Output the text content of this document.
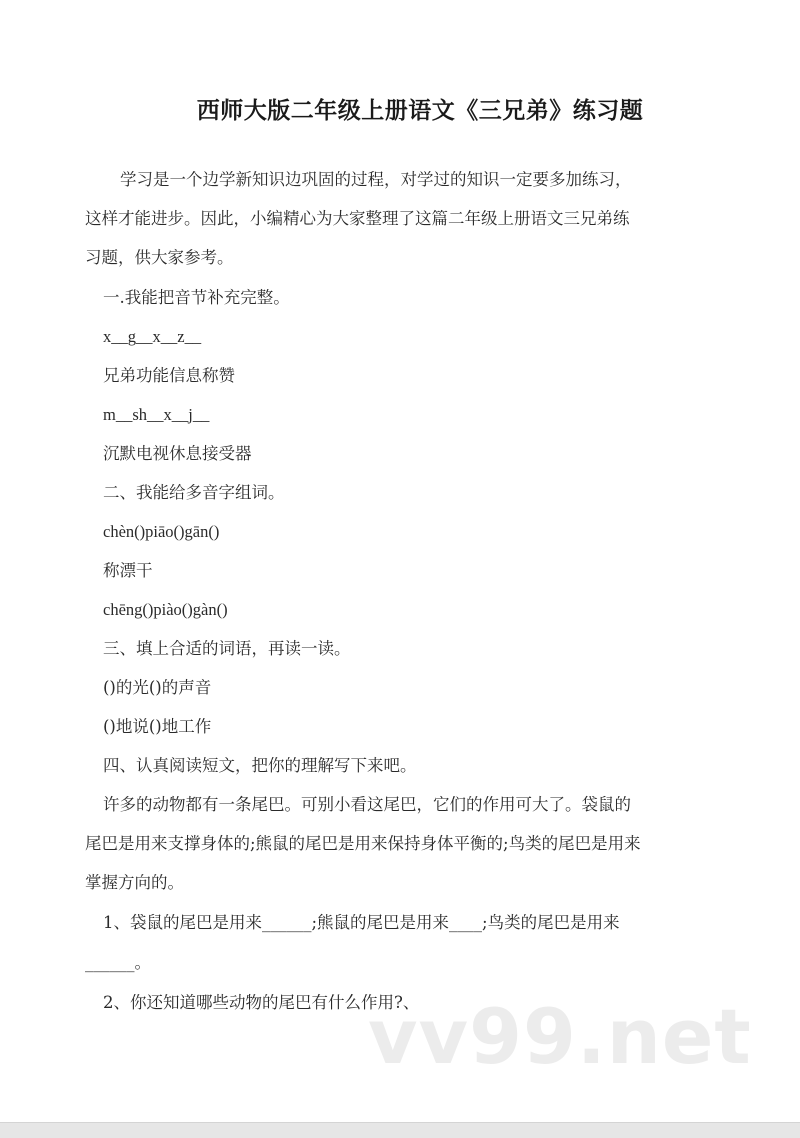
西师大版二年级上册语文《三兄弟》练习题
学习是一个边学新知识边巩固的过程，对学过的知识一定要多加练习，
这样才能进步。因此，小编精心为大家整理了这篇二年级上册语文三兄弟练
习题，供大家参考。
一.我能把音节补充完整。
x__g__x__z__
兄弟功能信息称赞
m__sh__x__j__
沉默电视休息接受器
二、我能给多音字组词。
chèn()piāo()gān()
称漂干
chēng()piào()gàn()
三、填上合适的词语，再读一读。
()的光()的声音
()地说()地工作
四、认真阅读短文，把你的理解写下来吧。
许多的动物都有一条尾巴。可别小看这尾巴，它们的作用可大了。袋鼠的
尾巴是用来支撑身体的;熊鼠的尾巴是用来保持身体平衡的;鸟类的尾巴是用来
掌握方向的。
1、袋鼠的尾巴是用来______;熊鼠的尾巴是用来____;鸟类的尾巴是用来
______。
2、你还知道哪些动物的尾巴有什么作用?、
vv99.net
